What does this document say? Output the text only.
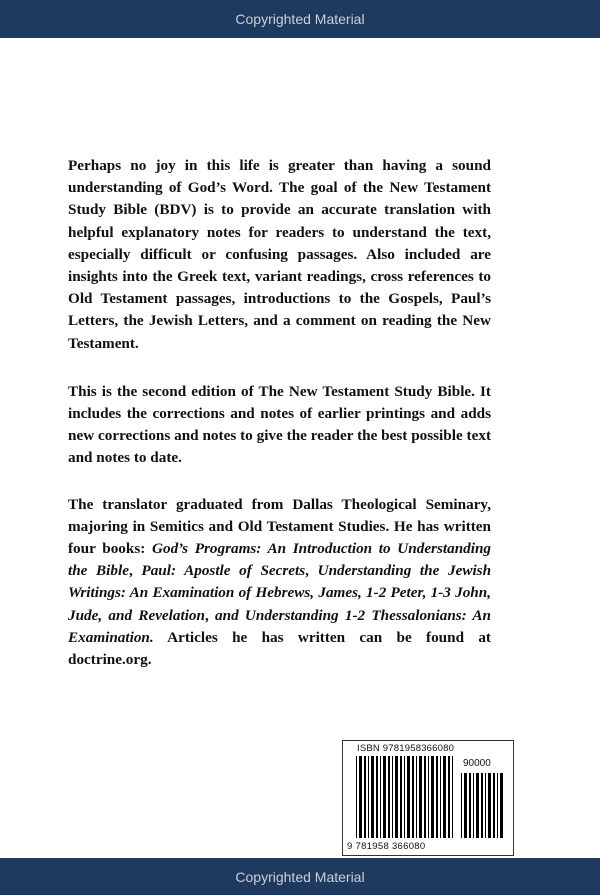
Copyrighted Material

Perhaps no joy in this life is greater than having a sound understanding of God’s Word. The goal of the New Testament Study Bible (BDV) is to provide an accurate translation with helpful explanatory notes for readers to understand the text, especially difficult or confusing passages. Also included are insights into the Greek text, variant readings, cross references to Old Testament passages, introductions to the Gospels, Paul’s Letters, the Jewish Letters, and a comment on reading the New Testament.

This is the second edition of The New Testament Study Bible. It includes the corrections and notes of earlier printings and adds new corrections and notes to give the reader the best possible text and notes to date.

The translator graduated from Dallas Theological Seminary, majoring in Semitics and Old Testament Studies. He has written four books: God’s Programs: An Introduction to Understanding the Bible, Paul: Apostle of Secrets, Understanding the Jewish Writings: An Examination of Hebrews, James, 1-2 Peter, 1-3 John, Jude, and Revelation, and Understanding 1-2 Thessalonians: An Examination. Articles he has written can be found at doctrine.org.

ISBN 9781958366080
90000
9 781958 366080
Copyrighted Material
